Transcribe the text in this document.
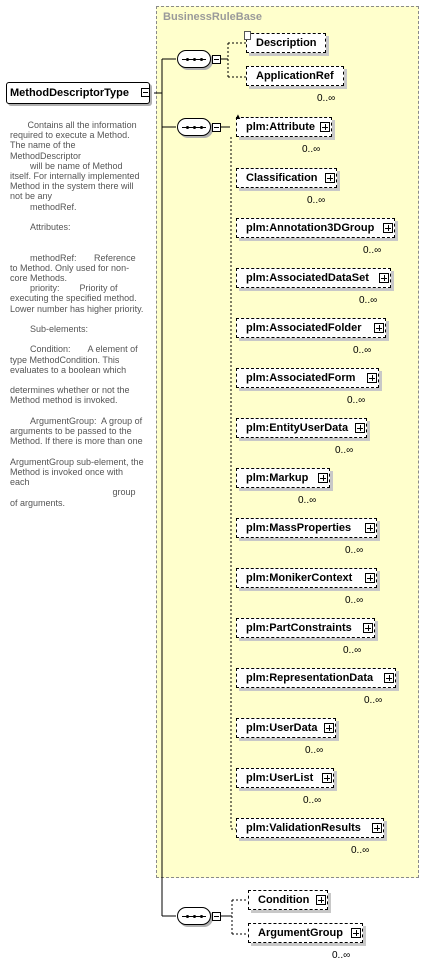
BusinessRuleBase
MethodDescriptorType
Contains all the information required to execute a Method.  The name of the MethodDescriptor
will be name of Method itself. For internally implemented Method in the system there will not be any
methodRef.

Attributes:

methodRef:       Reference to Method. Only used for non-core Methods.
priority:        Priority of executing the specified method. Lower number has higher priority.

Sub-elements:

Condition:       A element of type MethodCondition. This evaluates to a boolean which
determines whether or not the Method method is invoked.

ArgumentGroup:  A group of arguments to be passed to the Method. If there is more than one
ArgumentGroup sub-element, the Method is invoked once with each
group of arguments.
Description
ApplicationRef
0..∞
▲
plm:Attribute
0..∞
Classification
0..∞
plm:Annotation3DGroup
0..∞
plm:AssociatedDataSet
0..∞
plm:AssociatedFolder
0..∞
plm:AssociatedForm
0..∞
plm:EntityUserData
0..∞
plm:Markup
0..∞
plm:MassProperties
0..∞
plm:MonikerContext
0..∞
plm:PartConstraints
0..∞
plm:RepresentationData
0..∞
plm:UserData
0..∞
plm:UserList
0..∞
plm:ValidationResults
0..∞
Condition
ArgumentGroup
0..∞
